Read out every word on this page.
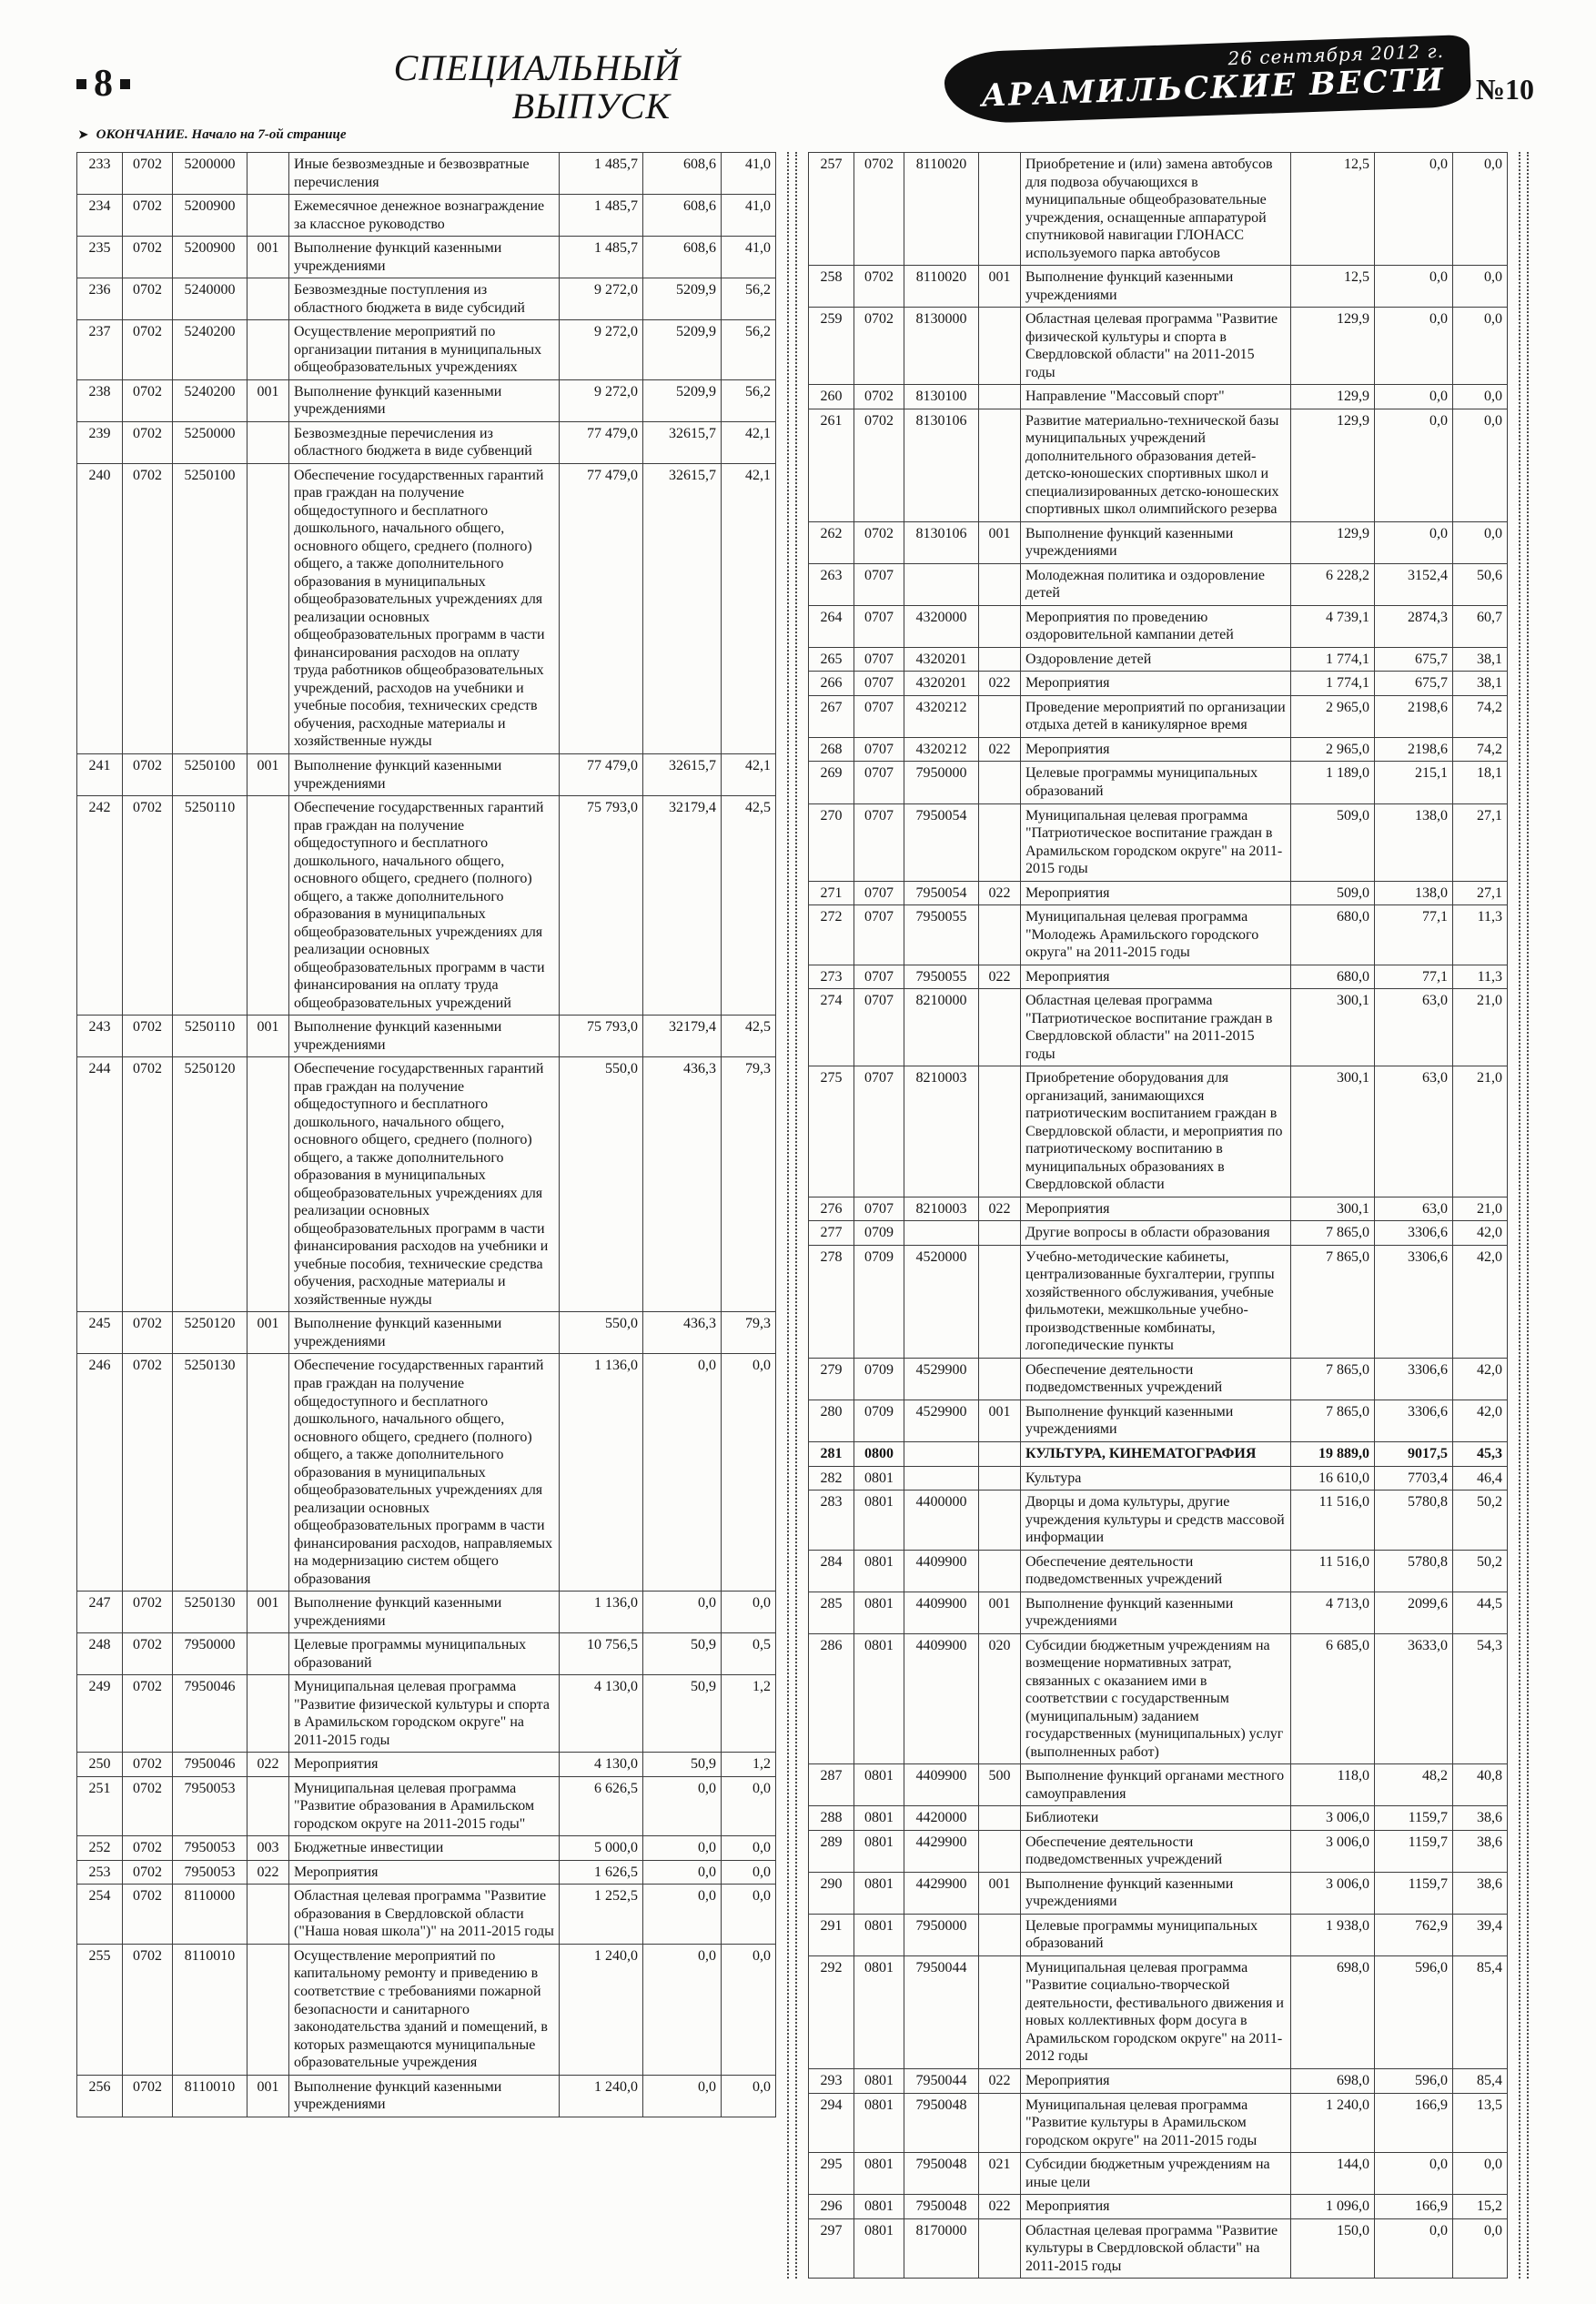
8	СПЕЦИАЛЬНЫЙ
ВЫПУСК
26 сентября 2012 г.
АРАМИЛЬСКИЕ ВЕСТИ №10
➤ ОКОНЧАНИЕ. Начало на 7-ой странице
233	0702	5200000		Иные безвозмездные и безвозвратные перечисления	1 485,7	608,6	41,0
234	0702	5200900		Ежемесячное денежное вознаграждение за классное руководство	1 485,7	608,6	41,0
235	0702	5200900	001	Выполнение функций казенными учреждениями	1 485,7	608,6	41,0
236	0702	5240000		Безвозмездные поступления из областного бюджета в виде субсидий	9 272,0	5209,9	56,2
237	0702	5240200		Осуществление мероприятий по организации питания в муниципальных общеобразовательных учреждениях	9 272,0	5209,9	56,2
238	0702	5240200	001	Выполнение функций казенными учреждениями	9 272,0	5209,9	56,2
239	0702	5250000		Безвозмездные перечисления из областного бюджета в виде субвенций	77 479,0	32615,7	42,1
240	0702	5250100		Обеспечение государственных гарантий прав граждан на получение общедоступного и бесплатного дошкольного, начального общего, основного общего, среднего (полного) общего, а также дополнительного образования в муниципальных общеобразовательных учреждениях для реализации основных общеобразовательных программ в части финансирования расходов на оплату труда работников общеобразовательных учреждений, расходов на учебники и учебные пособия, технических средств обучения, расходные материалы и хозяйственные нужды	77 479,0	32615,7	42,1
241	0702	5250100	001	Выполнение функций казенными учреждениями	77 479,0	32615,7	42,1
242	0702	5250110		Обеспечение государственных гарантий прав граждан на получение общедоступного и бесплатного дошкольного, начального общего, основного общего, среднего (полного) общего, а также дополнительного образования в муниципальных общеобразовательных учреждениях для реализации основных общеобразовательных программ в части финансирования на оплату труда общеобразовательных учреждений	75 793,0	32179,4	42,5
243	0702	5250110	001	Выполнение функций казенными учреждениями	75 793,0	32179,4	42,5
244	0702	5250120		Обеспечение государственных гарантий прав граждан на получение общедоступного и бесплатного дошкольного, начального общего, основного общего, среднего (полного) общего, а также дополнительного образования в муниципальных общеобразовательных учреждениях для реализации основных общеобразовательных программ в части финансирования расходов на учебники и учебные пособия, технические средства обучения, расходные материалы и хозяйственные нужды	550,0	436,3	79,3
245	0702	5250120	001	Выполнение функций казенными учреждениями	550,0	436,3	79,3
246	0702	5250130		Обеспечение государственных гарантий прав граждан на получение общедоступного и бесплатного дошкольного, начального общего, основного общего, среднего (полного) общего, а также дополнительного образования в муниципальных общеобразовательных учреждениях для реализации основных общеобразовательных программ в части финансирования расходов, направляемых на модернизацию систем общего образования	1 136,0	0,0	0,0
247	0702	5250130	001	Выполнение функций казенными учреждениями	1 136,0	0,0	0,0
248	0702	7950000		Целевые программы муниципальных образований	10 756,5	50,9	0,5
249	0702	7950046		Муниципальная целевая программа "Развитие физической культуры и спорта в Арамильском городском округе" на 2011-2015 годы	4 130,0	50,9	1,2
250	0702	7950046	022	Мероприятия	4 130,0	50,9	1,2
251	0702	7950053		Муниципальная целевая программа "Развитие образования в Арамильском городском округе на 2011-2015 годы"	6 626,5	0,0	0,0
252	0702	7950053	003	Бюджетные инвестиции	5 000,0	0,0	0,0
253	0702	7950053	022	Мероприятия	1 626,5	0,0	0,0
254	0702	8110000		Областная целевая программа "Развитие образования в Свердловской области ("Наша новая школа")" на 2011-2015 годы	1 252,5	0,0	0,0
255	0702	8110010		Осуществление мероприятий по капитальному ремонту и приведению в соответствие с требованиями пожарной безопасности и санитарного законодательства зданий и помещений, в которых размещаются муниципальные образовательные учреждения	1 240,0	0,0	0,0
256	0702	8110010	001	Выполнение функций казенными учреждениями	1 240,0	0,0	0,0
257	0702	8110020		Приобретение и (или) замена автобусов для подвоза обучающихся в муниципальные общеобразовательные учреждения, оснащенные аппаратурой спутниковой навигации ГЛОНАСС используемого парка автобусов	12,5	0,0	0,0
258	0702	8110020	001	Выполнение функций казенными учреждениями	12,5	0,0	0,0
259	0702	8130000		Областная целевая программа "Развитие физической культуры и спорта в Свердловской области" на 2011-2015 годы	129,9	0,0	0,0
260	0702	8130100		Направление "Массовый спорт"	129,9	0,0	0,0
261	0702	8130106		Развитие материально-технической базы муниципальных учреждений дополнительного образования детей-детско-юношеских спортивных школ и специализированных детско-юношеских спортивных школ олимпийского резерва	129,9	0,0	0,0
262	0702	8130106	001	Выполнение функций казенными учреждениями	129,9	0,0	0,0
263	0707			Молодежная политика и оздоровление детей	6 228,2	3152,4	50,6
264	0707	4320000		Мероприятия по проведению оздоровительной кампании детей	4 739,1	2874,3	60,7
265	0707	4320201		Оздоровление детей	1 774,1	675,7	38,1
266	0707	4320201	022	Мероприятия	1 774,1	675,7	38,1
267	0707	4320212		Проведение мероприятий по организации отдыха детей в каникулярное время	2 965,0	2198,6	74,2
268	0707	4320212	022	Мероприятия	2 965,0	2198,6	74,2
269	0707	7950000		Целевые программы муниципальных образований	1 189,0	215,1	18,1
270	0707	7950054		Муниципальная целевая программа "Патриотическое воспитание граждан в Арамильском городском округе" на 2011-2015 годы	509,0	138,0	27,1
271	0707	7950054	022	Мероприятия	509,0	138,0	27,1
272	0707	7950055		Муниципальная целевая программа "Молодежь Арамильского городского округа" на 2011-2015 годы	680,0	77,1	11,3
273	0707	7950055	022	Мероприятия	680,0	77,1	11,3
274	0707	8210000		Областная целевая программа "Патриотическое воспитание граждан в Свердловской области" на 2011-2015 годы	300,1	63,0	21,0
275	0707	8210003		Приобретение оборудования для организаций, занимающихся патриотическим воспитанием граждан в Свердловской области, и мероприятия по патриотическому воспитанию в муниципальных образованиях в Свердловской области	300,1	63,0	21,0
276	0707	8210003	022	Мероприятия	300,1	63,0	21,0
277	0709			Другие вопросы в области образования	7 865,0	3306,6	42,0
278	0709	4520000		Учебно-методические кабинеты, централизованные бухгалтерии, группы хозяйственного обслуживания, учебные фильмотеки, межшкольные учебно-производственные комбинаты, логопедические пункты	7 865,0	3306,6	42,0
279	0709	4529900		Обеспечение деятельности подведомственных учреждений	7 865,0	3306,6	42,0
280	0709	4529900	001	Выполнение функций казенными учреждениями	7 865,0	3306,6	42,0
281	0800			КУЛЬТУРА, КИНЕМАТОГРАФИЯ	19 889,0	9017,5	45,3
282	0801			Культура	16 610,0	7703,4	46,4
283	0801	4400000		Дворцы и дома культуры, другие учреждения культуры и средств массовой информации	11 516,0	5780,8	50,2
284	0801	4409900		Обеспечение деятельности подведомственных учреждений	11 516,0	5780,8	50,2
285	0801	4409900	001	Выполнение функций казенными учреждениями	4 713,0	2099,6	44,5
286	0801	4409900	020	Субсидии бюджетным учреждениям на возмещение нормативных затрат, связанных с оказанием ими в соответствии с государственным (муниципальным) заданием государственных (муниципальных) услуг (выполненных работ)	6 685,0	3633,0	54,3
287	0801	4409900	500	Выполнение функций органами местного самоуправления	118,0	48,2	40,8
288	0801	4420000		Библиотеки	3 006,0	1159,7	38,6
289	0801	4429900		Обеспечение деятельности подведомственных учреждений	3 006,0	1159,7	38,6
290	0801	4429900	001	Выполнение функций казенными учреждениями	3 006,0	1159,7	38,6
291	0801	7950000		Целевые программы муниципальных образований	1 938,0	762,9	39,4
292	0801	7950044		Муниципальная целевая программа "Развитие социально-творческой деятельности, фестивального движения и новых коллективных форм досуга в Арамильском городском округе" на 2011-2012 годы	698,0	596,0	85,4
293	0801	7950044	022	Мероприятия	698,0	596,0	85,4
294	0801	7950048		Муниципальная целевая программа "Развитие культуры в Арамильском городском округе" на 2011-2015 годы	1 240,0	166,9	13,5
295	0801	7950048	021	Субсидии бюджетным учреждениям на иные цели	144,0	0,0	0,0
296	0801	7950048	022	Мероприятия	1 096,0	166,9	15,2
297	0801	8170000		Областная целевая программа "Развитие культуры в Свердловской области" на 2011-2015 годы	150,0	0,0	0,0
